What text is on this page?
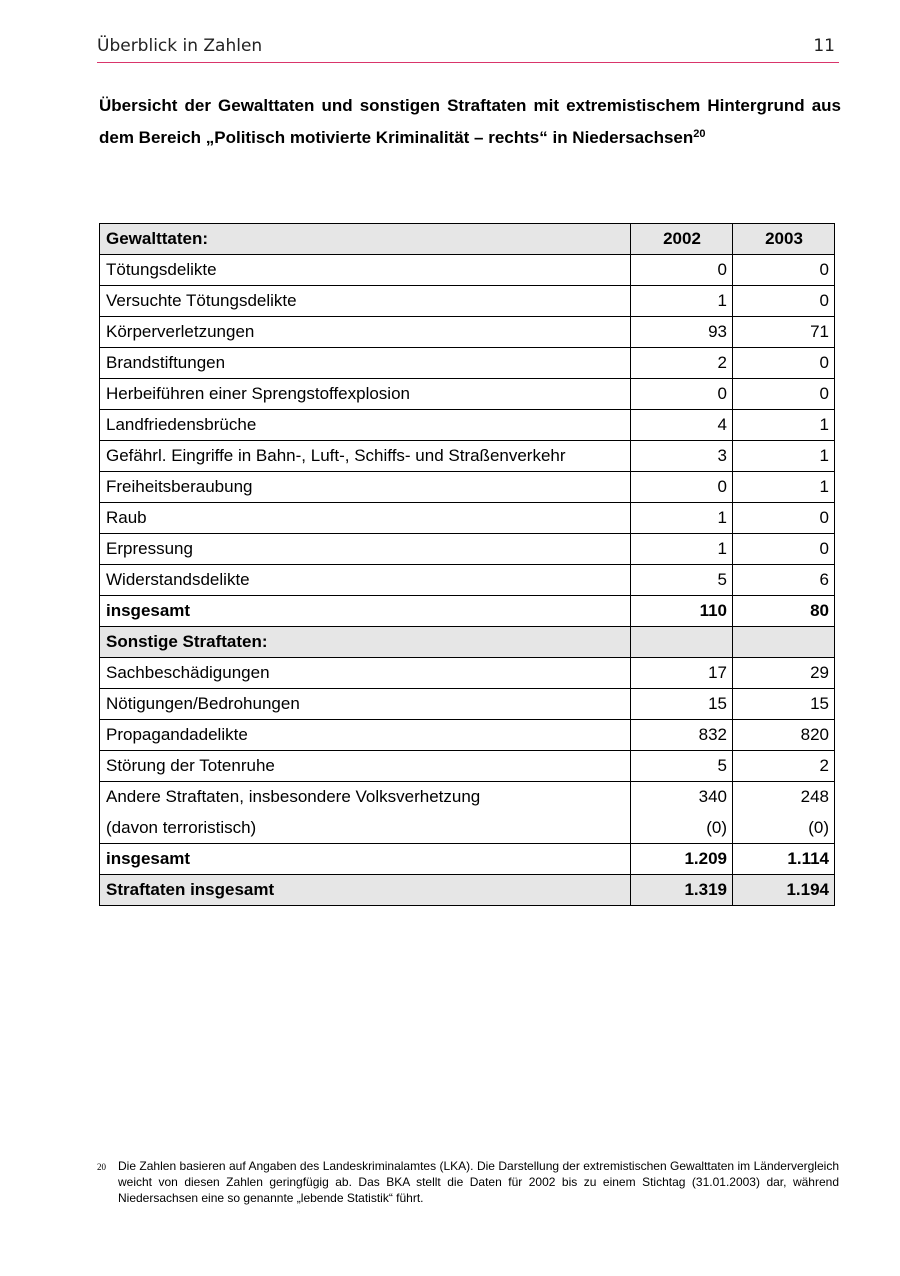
Überblick in Zahlen	11

Übersicht der Gewalttaten und sonstigen Straftaten mit extremistischem Hintergrund aus dem Bereich „Politisch motivierte Kriminalität – rechts“ in Niedersachsen$^{20}$

Gewalttaten:	2002	2003
Tötungsdelikte	0	0
Versuchte Tötungsdelikte	1	0
Körperverletzungen	93	71
Brandstiftungen	2	0
Herbeiführen einer Sprengstoffexplosion	0	0
Landfriedensbrüche	4	1
Gefährl. Eingriffe in Bahn-, Luft-, Schiffs- und Straßenverkehr	3	1
Freiheitsberaubung	0	1
Raub	1	0
Erpressung	1	0
Widerstandsdelikte	5	6
insgesamt	110	80
Sonstige Straftaten:		
Sachbeschädigungen	17	29
Nötigungen/Bedrohungen	15	15
Propagandadelikte	832	820
Störung der Totenruhe	5	2
Andere Straftaten, insbesondere Volksverhetzung	340	248
(davon terroristisch)	(0)	(0)
insgesamt	1.209	1.114
Straftaten insgesamt	1.319	1.194
20	Die Zahlen basieren auf Angaben des Landeskriminalamtes (LKA). Die Darstellung der extremistischen Gewalttaten im Ländervergleich weicht von diesen Zahlen geringfügig ab. Das BKA stellt die Daten für 2002 bis zu einem Stichtag (31.01.2003) dar, während Niedersachsen eine so genannte „lebende Statistik“ führt.
